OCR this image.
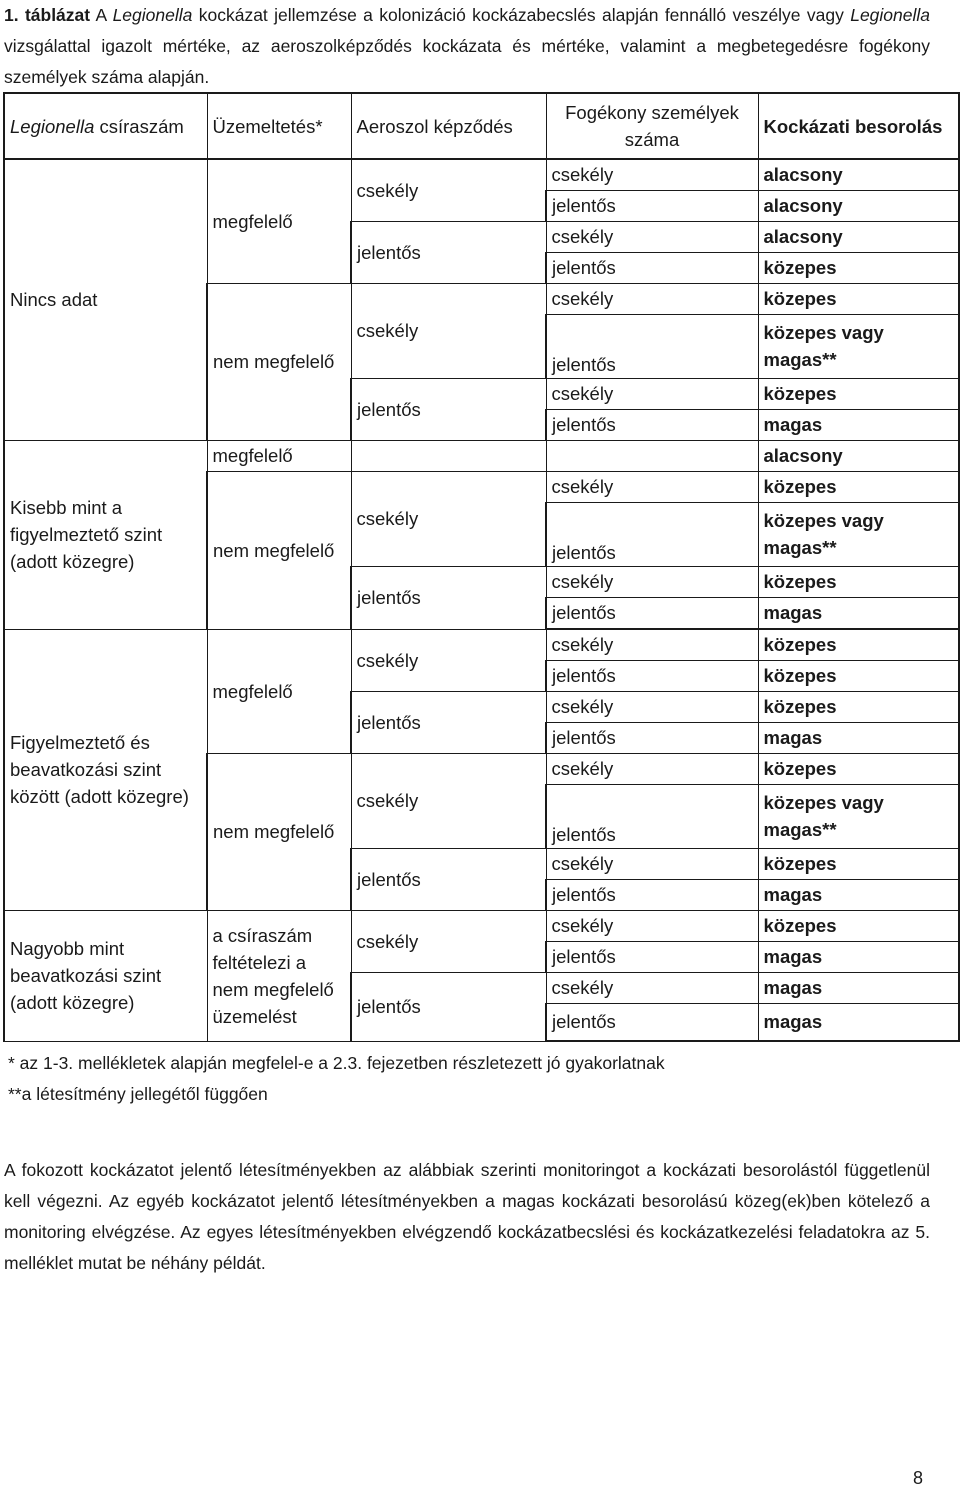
1. táblázat A Legionella kockázat jellemzése a kolonizáció kockázabecslés alapján fennálló veszélye vagy Legionella vizsgálattal igazolt mértéke, az aeroszolképződés kockázata és mértéke, valamint a megbetegedésre fogékony személyek száma alapján.
Legionella csíraszám	Üzemeltetés*	Aeroszol képződés	Fogékony személyek száma	Kockázati besorolás
Nincs adat	megfelelő	csekély	csekély	alacsony
			jelentős	alacsony
		jelentős	csekély	alacsony
			jelentős	közepes
	nem megfelelő	csekély	csekély	közepes
			jelentős	közepes vagy magas**
		jelentős	csekély	közepes
			jelentős	magas
Kisebb mint a figyelmeztető szint (adott közegre)	megfelelő			alacsony
	nem megfelelő	csekély	csekély	közepes
			jelentős	közepes vagy magas**
		jelentős	csekély	közepes
			jelentős	magas

Figyelmeztető és beavatkozási szint között (adott közegre)	megfelelő	csekély	csekély	közepes
			jelentős	közepes
		jelentős	csekély	közepes
			jelentős	magas
	nem megfelelő	csekély	csekély	közepes
			jelentős	közepes vagy magas**
		jelentős	csekély	közepes
			jelentős	magas
Nagyobb mint beavatkozási szint (adott közegre)	a csíraszám feltételezi a nem megfelelő üzemelést	csekély	csekély	közepes
			jelentős	magas
		jelentős	csekély	magas
			jelentős	magas
* az 1-3. mellékletek alapján megfelel-e a 2.3. fejezetben részletezett jó gyakorlatnak
**a létesítmény jellegétől függően

A fokozott kockázatot jelentő létesítményekben az alábbiak szerinti monitoringot a kockázati besorolástól függetlenül kell végezni. Az egyéb kockázatot jelentő létesítményekben a magas kockázati besorolású közeg(ek)ben kötelező a monitoring elvégzése. Az egyes létesítményekben elvégzendő kockázatbecslési és kockázatkezelési feladatokra az 5. melléklet mutat be néhány példát.

8
